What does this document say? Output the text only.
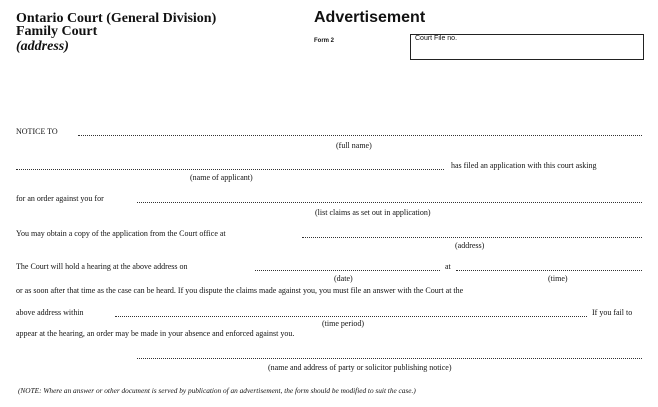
Ontario Court (General Division)
Family Court
(address)
Advertisement
Form 2	Court File no.
NOTICE TO
(full name)
has filed an application with this court asking
(name of applicant)
for an order against you for
(list claims as set out in application)
You may obtain a copy of the application from the Court office at
(address)
The Court will hold a hearing at the above address on	at
(date)	(time)
or as soon after that time as the case can be heard. If you dispute the claims made against you, you must file an answer with the Court at the
above address within	If you fail to
(time period)
appear at the hearing, an order may be made in your absence and enforced against you.
(name and address of party or solicitor publishing notice)
(NOTE: Where an answer or other document is served by publication of an advertisement, the form should be modified to suit the case.)
